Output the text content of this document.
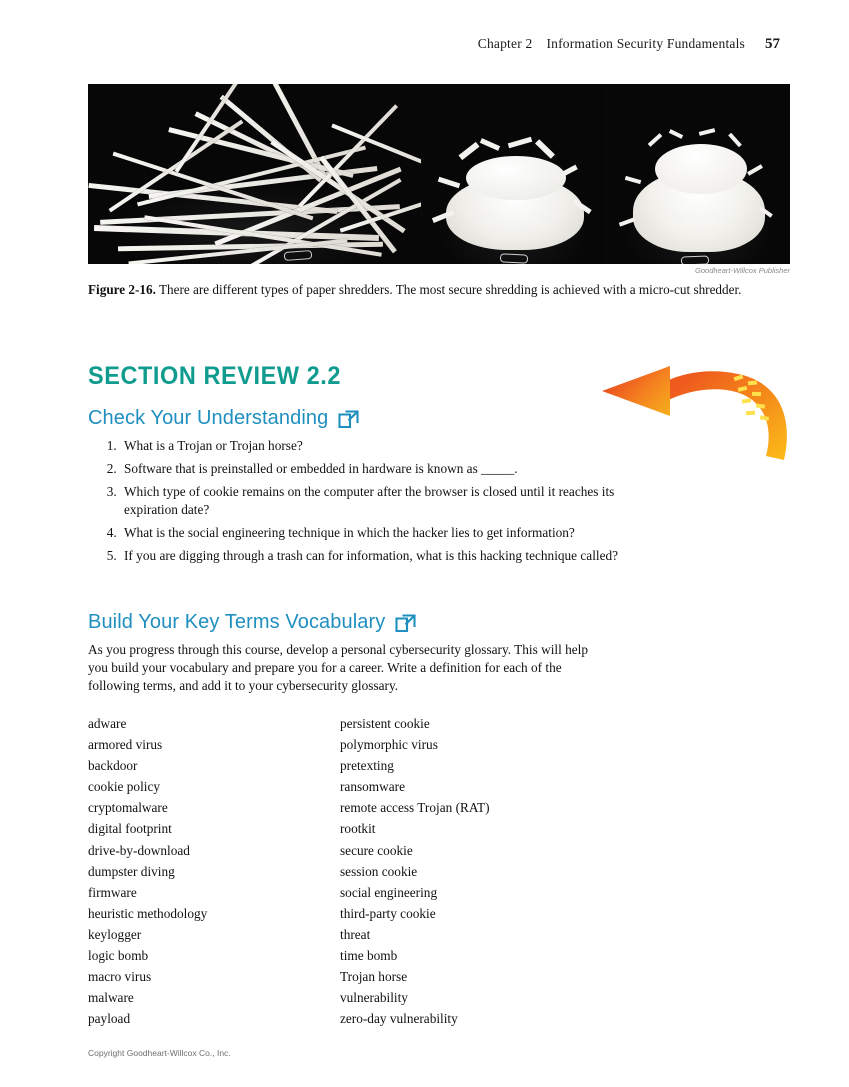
Chapter 2 Information Security Fundamentals 57
Goodheart-Willcox Publisher
Figure 2-16. There are different types of paper shredders. The most secure shredding is achieved with a micro-cut shredder.
SECTION REVIEW 2.2
Check Your Understanding
1. What is a Trojan or Trojan horse?
2. Software that is preinstalled or embedded in hardware is known as _____.
3. Which type of cookie remains on the computer after the browser is closed until it reaches its expiration date?
4. What is the social engineering technique in which the hacker lies to get information?
5. If you are digging through a trash can for information, what is this hacking technique called?
Build Your Key Terms Vocabulary
As you progress through this course, develop a personal cybersecurity glossary. This will help you build your vocabulary and prepare you for a career. Write a definition for each of the following terms, and add it to your cybersecurity glossary.
adware
armored virus
backdoor
cookie policy
cryptomalware
digital footprint
drive-by-download
dumpster diving
firmware
heuristic methodology
keylogger
logic bomb
macro virus
malware
payload
persistent cookie
polymorphic virus
pretexting
ransomware
remote access Trojan (RAT)
rootkit
secure cookie
session cookie
social engineering
third-party cookie
threat
time bomb
Trojan horse
vulnerability
zero-day vulnerability
Copyright Goodheart-Willcox Co., Inc.
